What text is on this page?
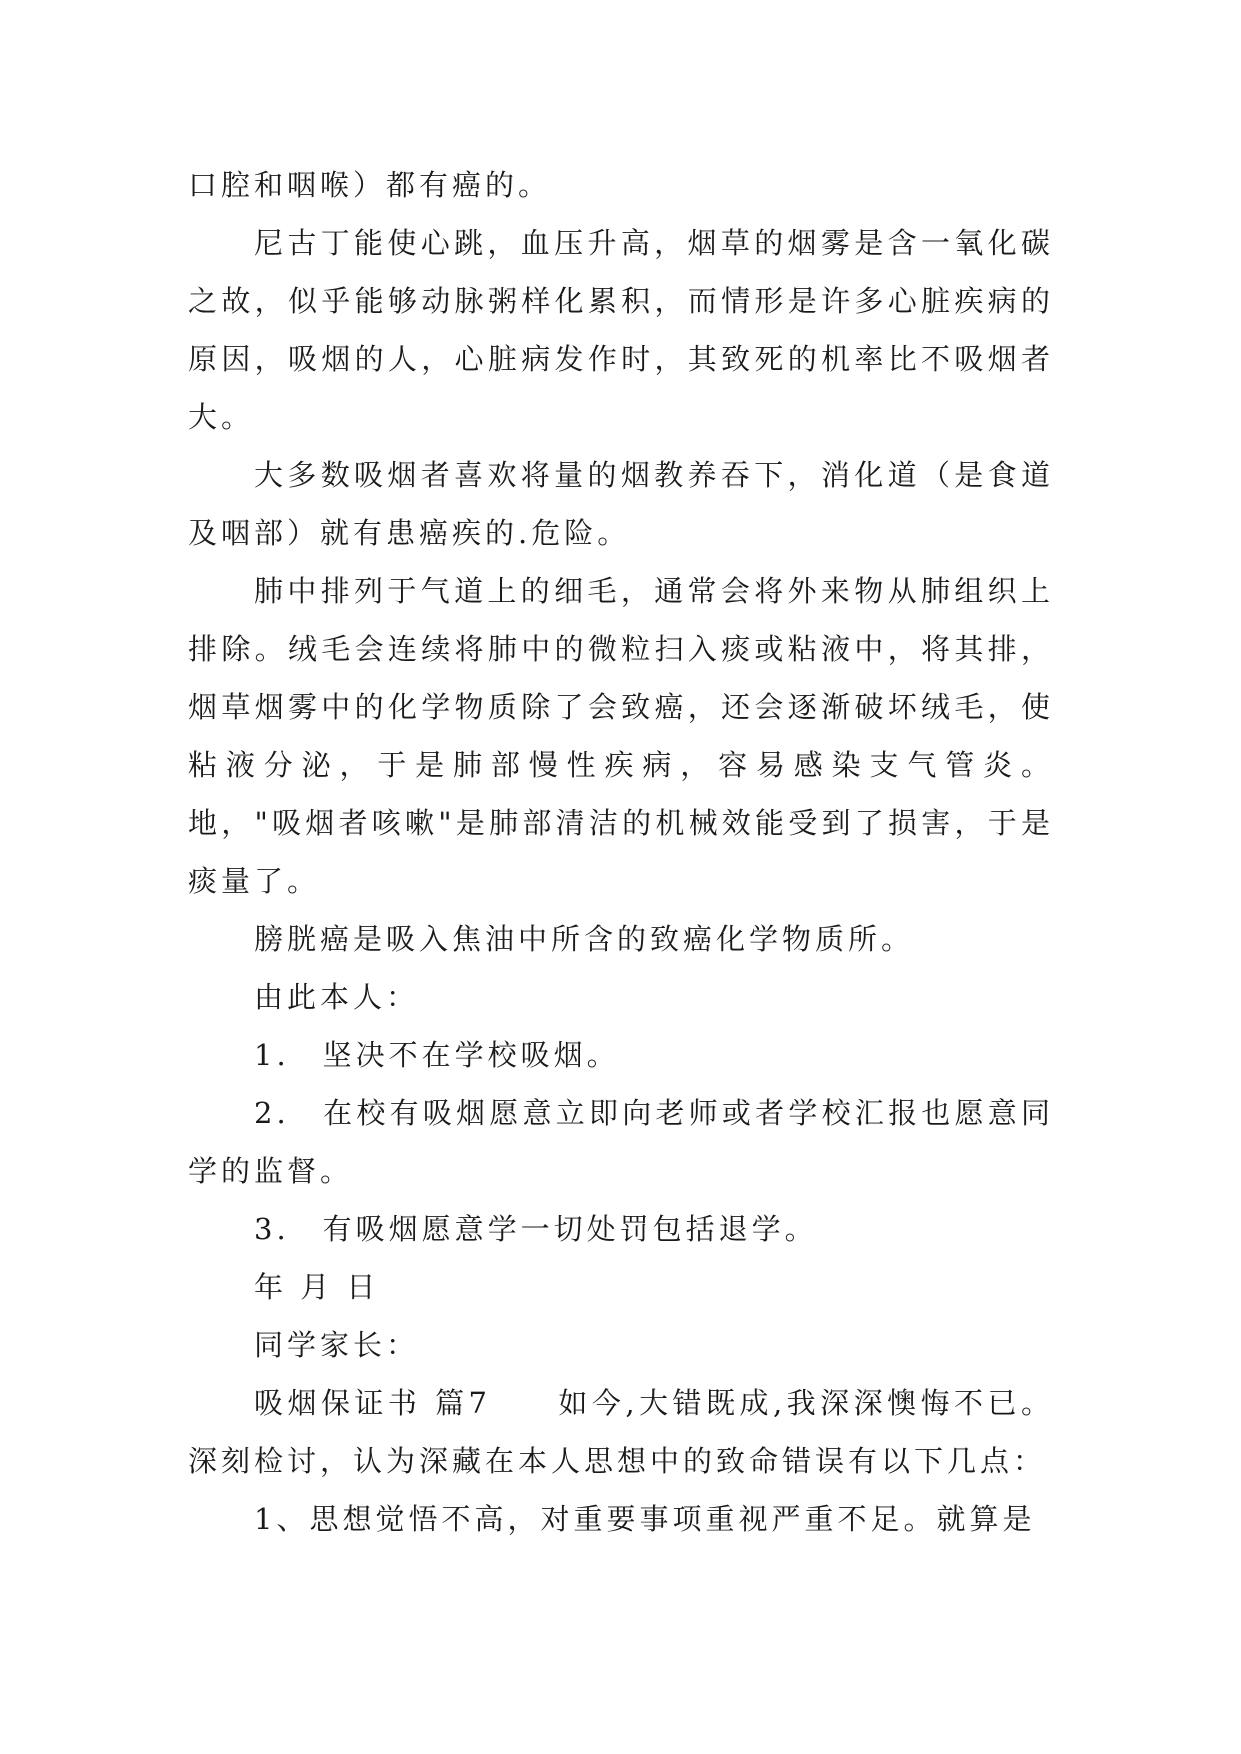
口腔和咽喉）都有癌的。

尼古丁能使心跳，血压升高，烟草的烟雾是含一氧化碳之故，似乎能够动脉粥样化累积，而情形是许多心脏疾病的原因，吸烟的人，心脏病发作时，其致死的机率比不吸烟者大。

大多数吸烟者喜欢将量的烟教养吞下，消化道（是食道及咽部）就有患癌疾的.危险。

肺中排列于气道上的细毛，通常会将外来物从肺组织上排除。绒毛会连续将肺中的微粒扫入痰或粘液中，将其排，烟草烟雾中的化学物质除了会致癌，还会逐渐破坏绒毛，使粘液分泌，于是肺部慢性疾病，容易感染支气管炎。地，"吸烟者咳嗽"是肺部清洁的机械效能受到了损害，于是痰量了。

膀胱癌是吸入焦油中所含的致癌化学物质所。

由此本人：

1.　坚决不在学校吸烟。

2.　在校有吸烟愿意立即向老师或者学校汇报也愿意同学的监督。

3.　有吸烟愿意学一切处罚包括退学。

年 月 日

同学家长：

吸烟保证书 篇7　　如今,大错既成,我深深懊悔不已。深刻检讨，认为深藏在本人思想中的致命错误有以下几点：

1、思想觉悟不高，对重要事项重视严重不足。就算是
